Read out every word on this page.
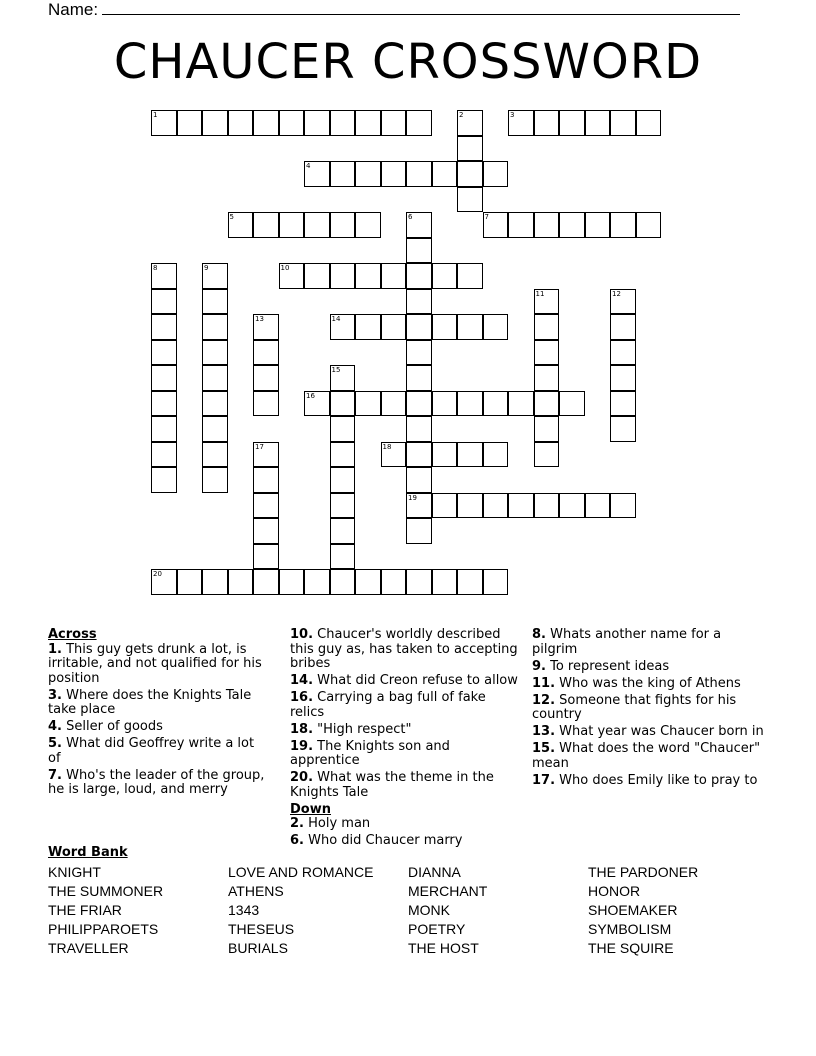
Name:
CHAUCER CROSSWORD
1	2	3
4
5	6
19
7
8	9	10
11	12
13	14
15
16
17	18
20
Across
1. This guy gets drunk a lot, is irritable, and not qualified for his position
3. Where does the Knights Tale take place
4. Seller of goods
5. What did Geoffrey write a lot of
7. Who's the leader of the group, he is large, loud, and merry
10. Chaucer's worldly described this guy as, has taken to accepting bribes
14. What did Creon refuse to allow
16. Carrying a bag full of fake relics
18. "High respect"
19. The Knights son and apprentice
20. What was the theme in the Knights Tale
Down
2. Holy man
6. Who did Chaucer marry
8. Whats another name for a pilgrim
9. To represent ideas
11. Who was the king of Athens
12. Someone that fights for his country
13. What year was Chaucer born in
15. What does the word "Chaucer" mean
17. Who does Emily like to pray to
Word Bank
KNIGHT
THE SUMMONER
THE FRIAR
PHILIPPAROETS
TRAVELLER
LOVE AND ROMANCE
ATHENS
1343
THESEUS
BURIALS
DIANNA
MERCHANT
MONK
POETRY
THE HOST
THE PARDONER
HONOR
SHOEMAKER
SYMBOLISM
THE SQUIRE
